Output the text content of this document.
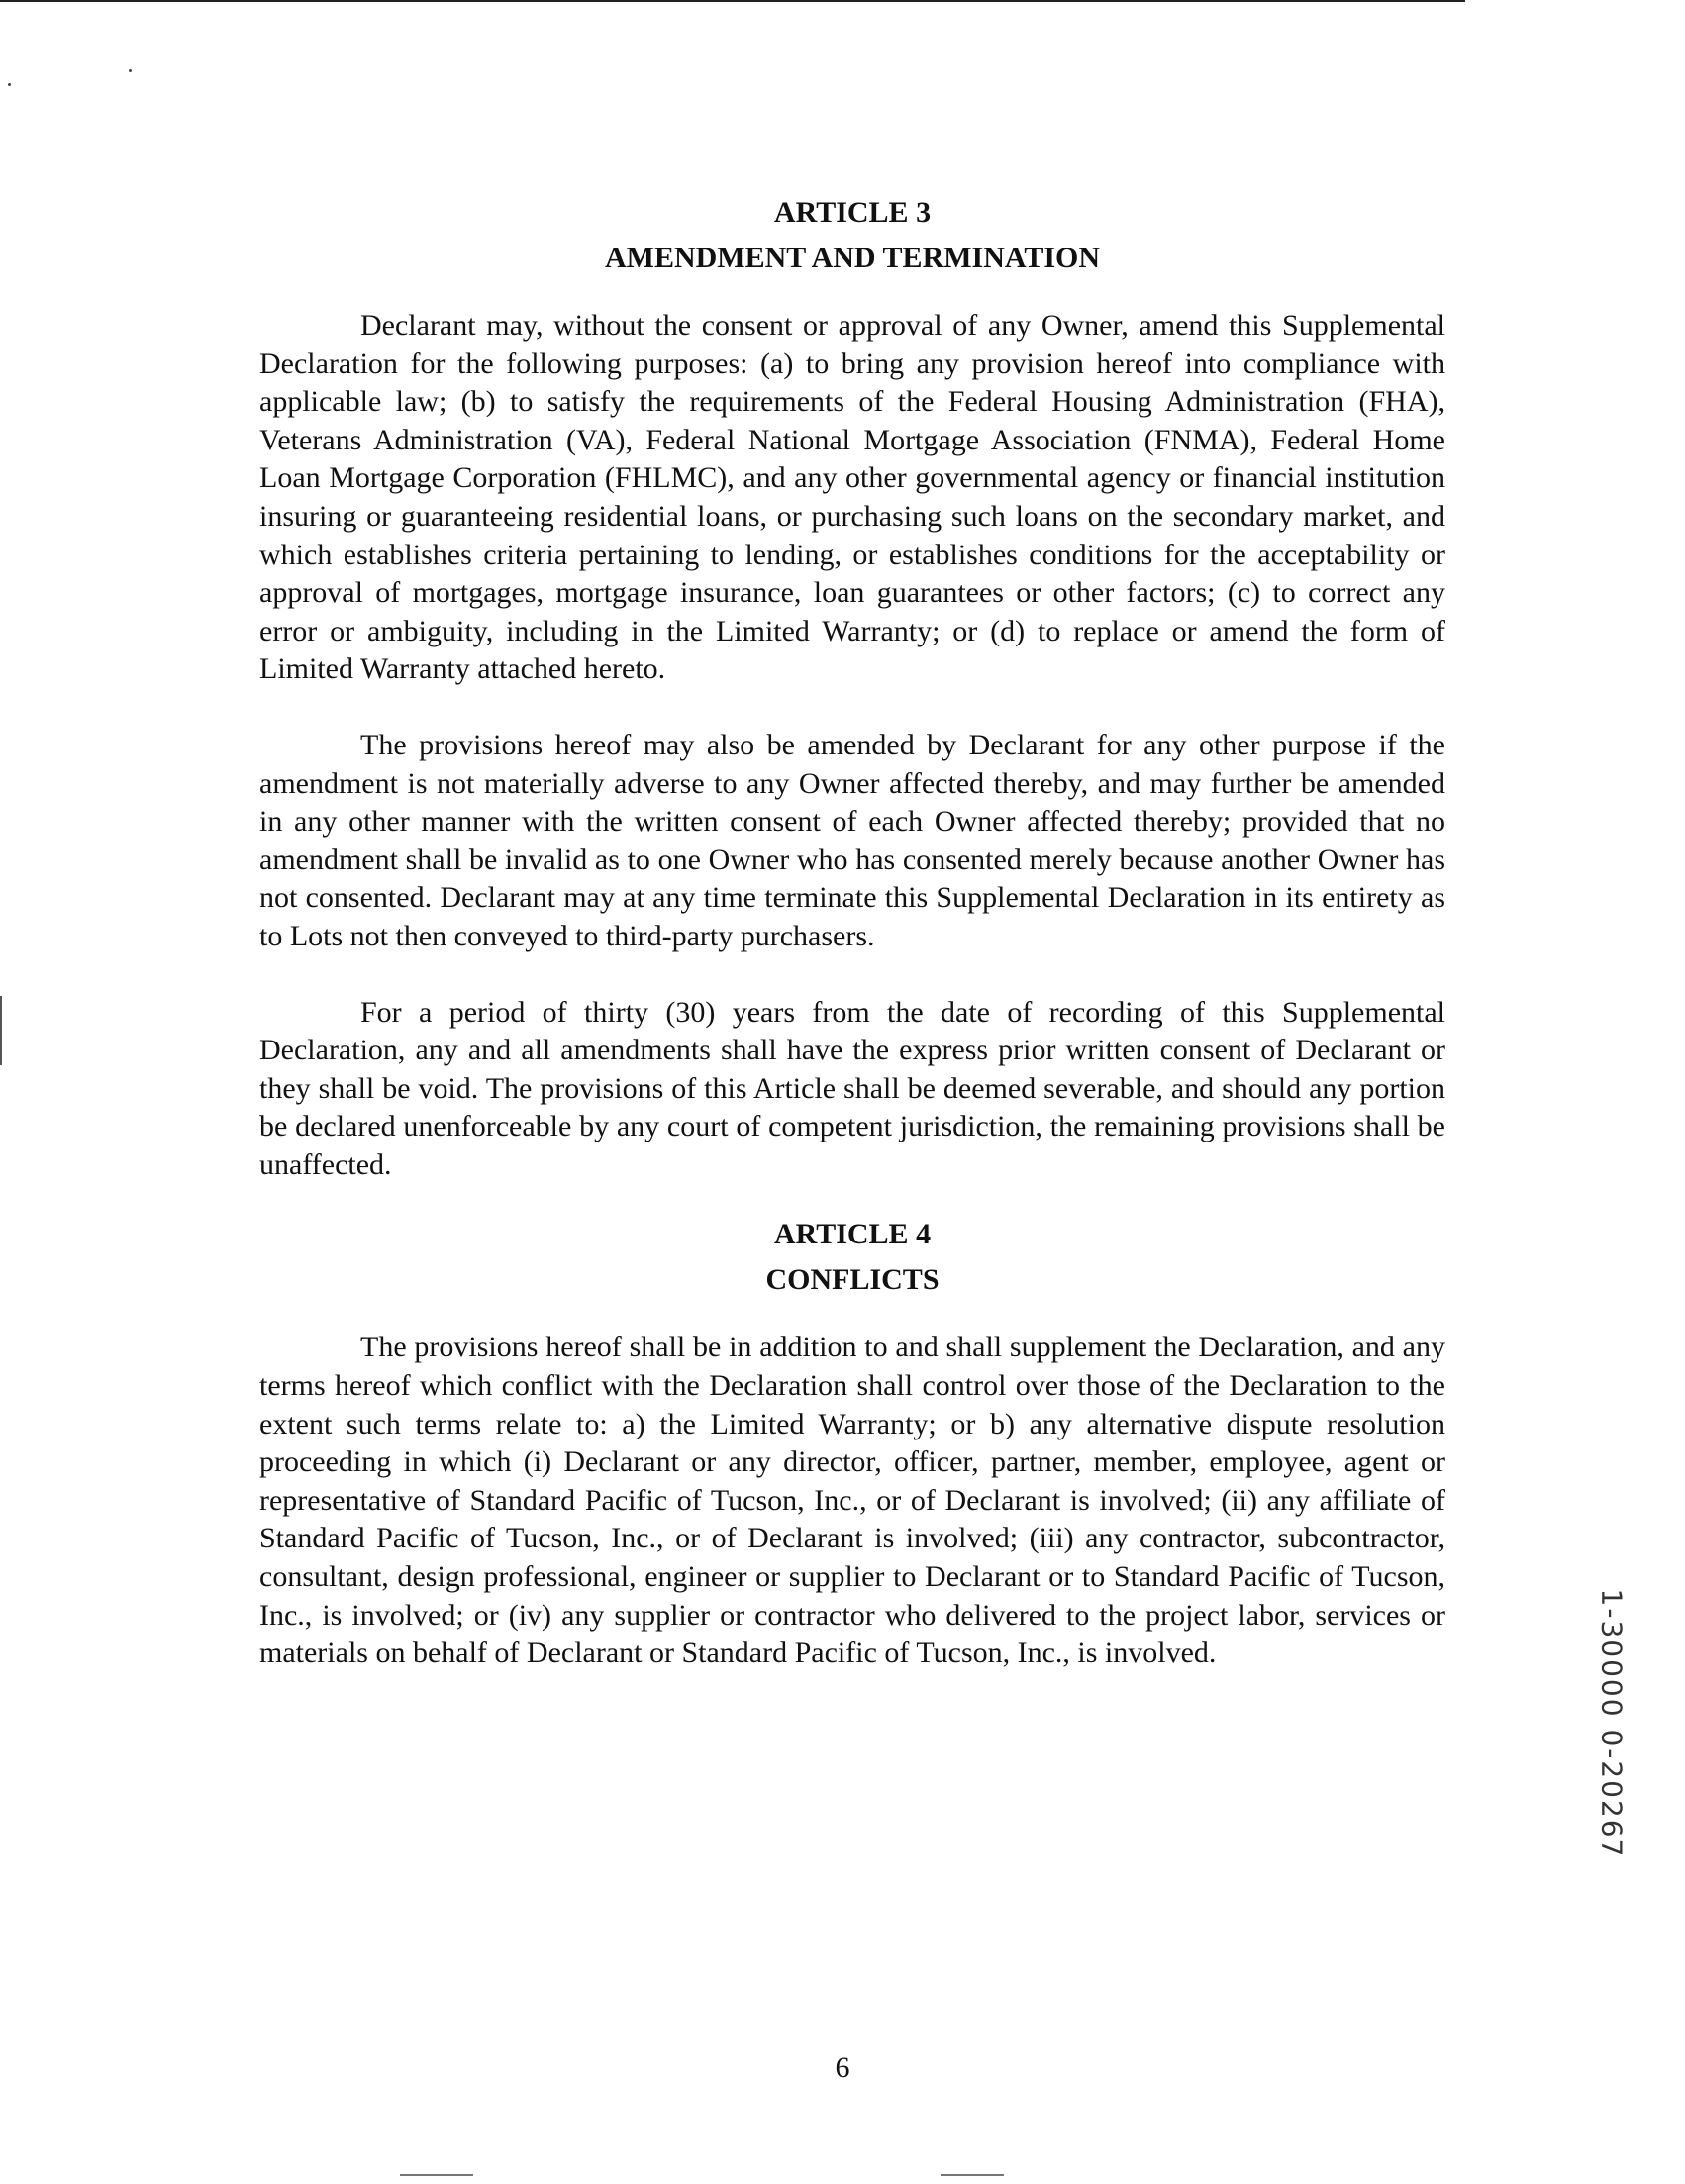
ARTICLE 3
AMENDMENT AND TERMINATION

Declarant may, without the consent or approval of any Owner, amend this Supplemental Declaration for the following purposes: (a) to bring any provision hereof into compliance with applicable law; (b) to satisfy the requirements of the Federal Housing Administration (FHA), Veterans Administration (VA), Federal National Mortgage Association (FNMA), Federal Home Loan Mortgage Corporation (FHLMC), and any other governmental agency or financial institution insuring or guaranteeing residential loans, or purchasing such loans on the secondary market, and which establishes criteria pertaining to lending, or establishes conditions for the acceptability or approval of mortgages, mortgage insurance, loan guarantees or other factors; (c) to correct any error or ambiguity, including in the Limited Warranty; or (d) to replace or amend the form of Limited Warranty attached hereto.

The provisions hereof may also be amended by Declarant for any other purpose if the amendment is not materially adverse to any Owner affected thereby, and may further be amended in any other manner with the written consent of each Owner affected thereby; provided that no amendment shall be invalid as to one Owner who has consented merely because another Owner has not consented. Declarant may at any time terminate this Supplemental Declaration in its entirety as to Lots not then conveyed to third-party purchasers.

For a period of thirty (30) years from the date of recording of this Supplemental Declaration, any and all amendments shall have the express prior written consent of Declarant or they shall be void. The provisions of this Article shall be deemed severable, and should any portion be declared unenforceable by any court of competent jurisdiction, the remaining provisions shall be unaffected.

ARTICLE 4
CONFLICTS

The provisions hereof shall be in addition to and shall supplement the Declaration, and any terms hereof which conflict with the Declaration shall control over those of the Declaration to the extent such terms relate to: a) the Limited Warranty; or b) any alternative dispute resolution proceeding in which (i) Declarant or any director, officer, partner, member, employee, agent or representative of Standard Pacific of Tucson, Inc., or of Declarant is involved; (ii) any affiliate of Standard Pacific of Tucson, Inc., or of Declarant is involved; (iii) any contractor, subcontractor, consultant, design professional, engineer or supplier to Declarant or to Standard Pacific of Tucson, Inc., is involved; or (iv) any supplier or contractor who delivered to the project labor, services or materials on behalf of Declarant or Standard Pacific of Tucson, Inc., is involved.	1-30000 0-20267
6
